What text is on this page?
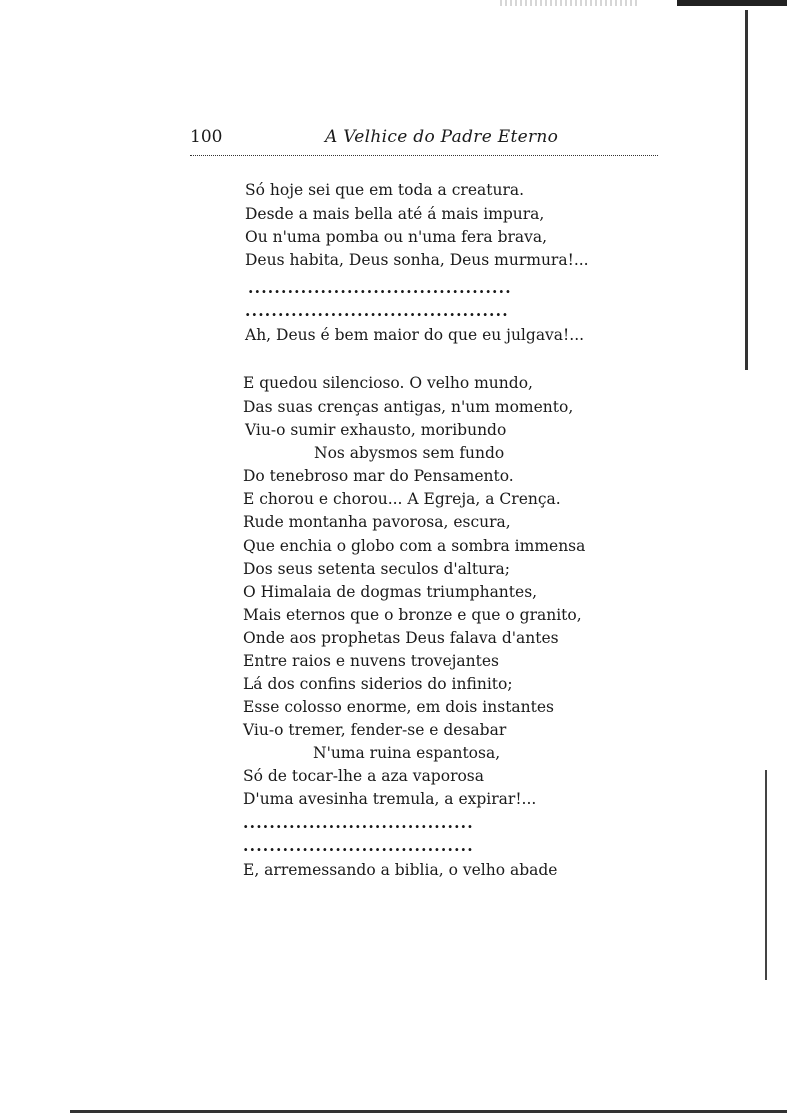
100	A Velhice do Padre Eterno
Só hoje sei que em toda a creatura.
Desde a mais bella até á mais impura,
Ou n'uma pomba ou n'uma fera brava,
Deus habita, Deus sonha, Deus murmura!...
........................................
........................................
Ah, Deus é bem maior do que eu julgava!...
E quedou silencioso. O velho mundo,
Das suas crenças antigas, n'um momento,
Viu-o sumir exhausto, moribundo
Nos abysmos sem fundo
Do tenebroso mar do Pensamento.
E chorou e chorou... A Egreja, a Crença.
Rude montanha pavorosa, escura,
Que enchia o globo com a sombra immensa
Dos seus setenta seculos d'altura;
O Himalaia de dogmas triumphantes,
Mais eternos que o bronze e que o granito,
Onde aos prophetas Deus falava d'antes
Entre raios e nuvens trovejantes
Lá dos confins siderios do infinito;
Esse colosso enorme, em dois instantes
Viu-o tremer, fender-se e desabar
N'uma ruina espantosa,
Só de tocar-lhe a aza vaporosa
D'uma avesinha tremula, a expirar!...
...................................
...................................
E, arremessando a biblia, o velho abade
